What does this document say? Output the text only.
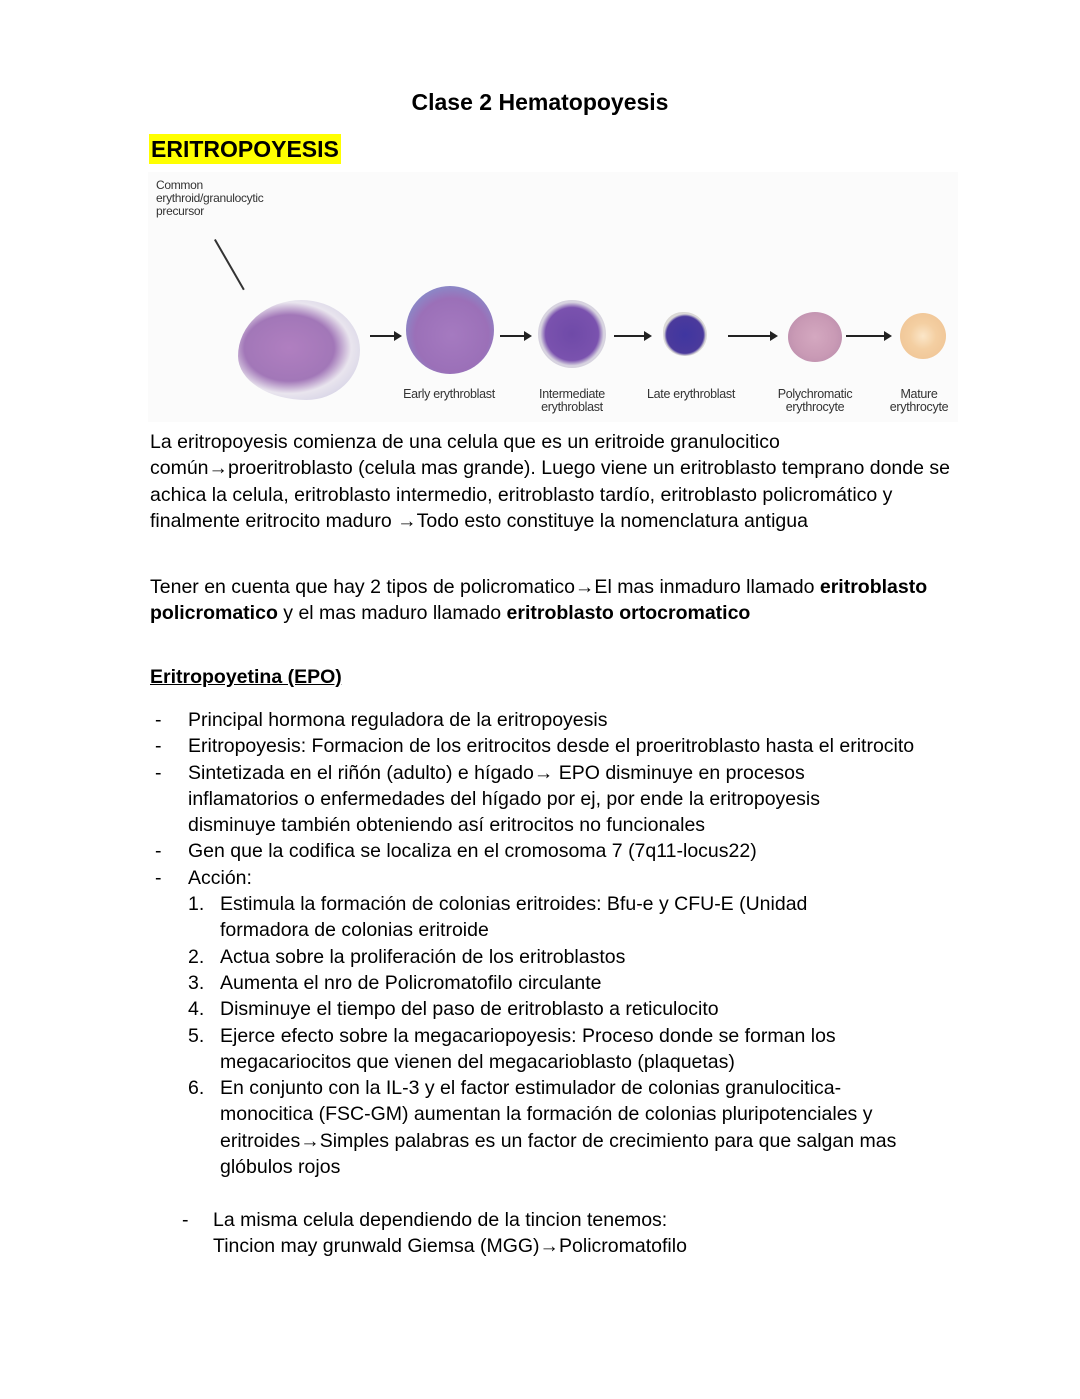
Clase 2 Hematopoyesis
ERITROPOYESIS
Common
erythroid/granulocytic
precursor
Early erythroblast	Intermediate
erythroblast
Late erythroblast	Polychromatic
erythrocyte
Mature
erythrocyte
La eritropoyesis comienza de una celula que es un eritroide granulocitico común→proeritroblasto (celula mas grande). Luego viene un eritroblasto temprano donde se achica la celula, eritroblasto intermedio, eritroblasto tardío, eritroblasto policromático y finalmente eritrocito maduro →Todo esto constituye la nomenclatura antigua
Tener en cuenta que hay 2 tipos de policromatico→El mas inmaduro llamado eritroblasto policromatico y el mas maduro llamado eritroblasto ortocromatico
Eritropoyetina (EPO)
- Principal hormona reguladora de la eritropoyesis
- Eritropoyesis: Formacion de los eritrocitos desde el proeritroblasto hasta el eritrocito
- Sintetizada en el riñón (adulto) e hígado→ EPO disminuye en procesos inflamatorios o enfermedades del hígado por ej, por ende la eritropoyesis disminuye también obteniendo así eritrocitos no funcionales
- Gen que la codifica se localiza en el cromosoma 7 (7q11-locus22)
- Acción:
1. Estimula la formación de colonias eritroides: Bfu-e y CFU-E (Unidad formadora de colonias eritroide
2. Actua sobre la proliferación de los eritroblastos
3. Aumenta el nro de Policromatofilo circulante
4. Disminuye el tiempo del paso de eritroblasto a reticulocito
5. Ejerce efecto sobre la megacariopoyesis: Proceso donde se forman los megacariocitos que vienen del megacarioblasto (plaquetas)
6. En conjunto con la IL-3 y el factor estimulador de colonias granulocitica-monocitica (FSC-GM) aumentan la formación de colonias pluripotenciales y eritroides→Simples palabras es un factor de crecimiento para que salgan mas glóbulos rojos
-	La misma celula dependiendo de la tincion tenemos:
Tincion may grunwald Giemsa (MGG)→Policromatofilo
